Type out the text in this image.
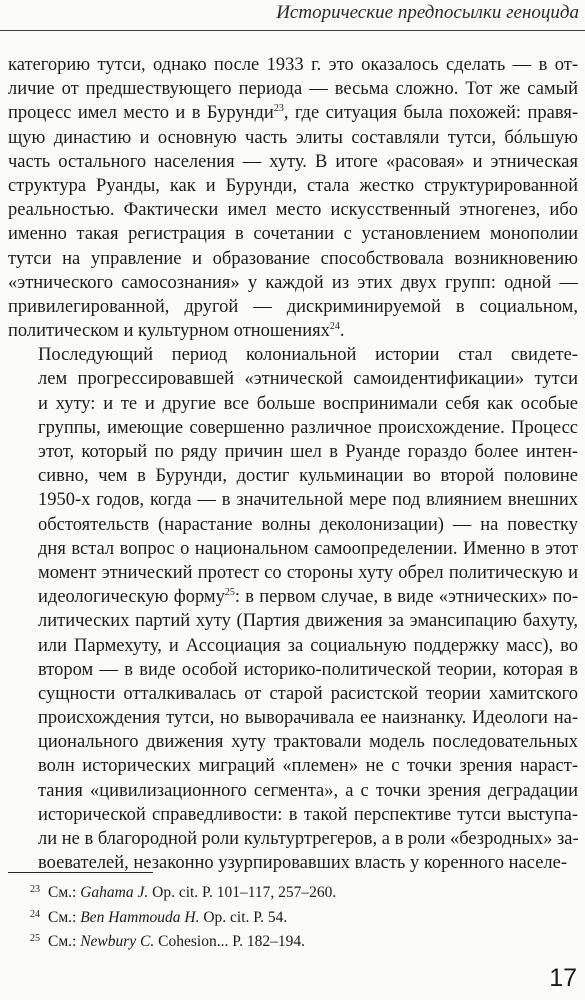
Исторические предпосылки геноцида
категорию тутси, однако после 1933 г. это оказалось сделать — в от-
личие от предшествующего периода — весьма сложно. Тот же самый
процесс имел место и в Бурунди$^{23}$, где ситуация была похожей: правя-
щую династию и основную часть элиты составляли тутси, бóльшую
часть остального населения — хуту. В итоге «расовая» и этническая
структура Руанды, как и Бурунди, стала жестко структурированной
реальностью. Фактически имел место искусственный этногенез, ибо
именно такая регистрация в сочетании с установлением монополии
тутси на управление и образование способствовала возникновению
«этнического самосознания» у каждой из этих двух групп: одной —
привилегированной, другой — дискриминируемой в социальном,
политическом и культурном отношениях$^{24}$.
Последующий период колониальной истории стал свидете-
лем прогрессировавшей «этнической самоидентификации» тутси
и хуту: и те и другие все больше воспринимали себя как особые
группы, имеющие совершенно различное происхождение. Процесс
этот, который по ряду причин шел в Руанде гораздо более интен-
сивно, чем в Бурунди, достиг кульминации во второй половине
1950-х годов, когда — в значительной мере под влиянием внешних
обстоятельств (нарастание волны деколонизации) — на повестку
дня встал вопрос о национальном самоопределении. Именно в этот
момент этнический протест со стороны хуту обрел политическую и
идеологическую форму$^{25}$: в первом случае, в виде «этнических» по-
литических партий хуту (Партия движения за эмансипацию бахуту,
или Пармехуту, и Ассоциация за социальную поддержку масс), во
втором — в виде особой историко-политической теории, которая в
сущности отталкивалась от старой расистской теории хамитского
происхождения тутси, но выворачивала ее наизнанку. Идеологи на-
ционального движения хуту трактовали модель последовательных
волн исторических миграций «племен» не с точки зрения нараст-
тания «цивилизационного сегмента», а с точки зрения деградации
исторической справедливости: в такой перспективе тутси выступа-
ли не в благородной роли культуртрегеров, а в роли «безродных» за-
воевателей, незаконно узурпировавших власть у коренного населе-
$^{23}$ См.: Gahama J. Op. cit. P. 101–117, 257–260.
$^{24}$ См.: Ben Hammouda H. Op. cit. P. 54.
$^{25}$ См.: Newbury C. Cohesion... P. 182–194.
17
